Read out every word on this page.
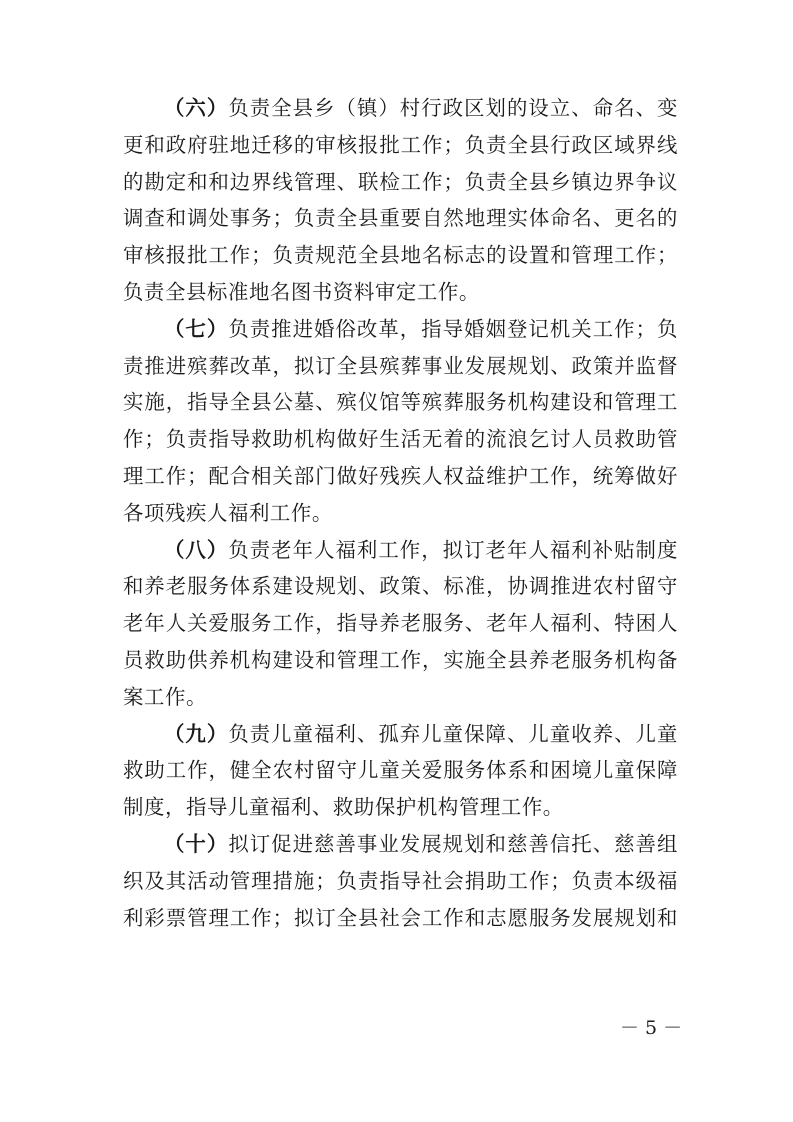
（六）负责全县乡（镇）村行政区划的设立、命名、变
更和政府驻地迁移的审核报批工作；负责全县行政区域界线
的勘定和和边界线管理、联检工作；负责全县乡镇边界争议
调查和调处事务；负责全县重要自然地理实体命名、更名的
审核报批工作；负责规范全县地名标志的设置和管理工作；
负责全县标准地名图书资料审定工作。
（七）负责推进婚俗改革，指导婚姻登记机关工作；负
责推进殡葬改革，拟订全县殡葬事业发展规划、政策并监督
实施，指导全县公墓、殡仪馆等殡葬服务机构建设和管理工
作；负责指导救助机构做好生活无着的流浪乞讨人员救助管
理工作；配合相关部门做好残疾人权益维护工作，统筹做好
各项残疾人福利工作。
（八）负责老年人福利工作，拟订老年人福利补贴制度
和养老服务体系建设规划、政策、标准，协调推进农村留守
老年人关爱服务工作，指导养老服务、老年人福利、特困人
员救助供养机构建设和管理工作，实施全县养老服务机构备
案工作。
（九）负责儿童福利、孤弃儿童保障、儿童收养、儿童
救助工作，健全农村留守儿童关爱服务体系和困境儿童保障
制度，指导儿童福利、救助保护机构管理工作。
（十）拟订促进慈善事业发展规划和慈善信托、慈善组
织及其活动管理措施；负责指导社会捐助工作；负责本级福
利彩票管理工作；拟订全县社会工作和志愿服务发展规划和
－ 5 －
